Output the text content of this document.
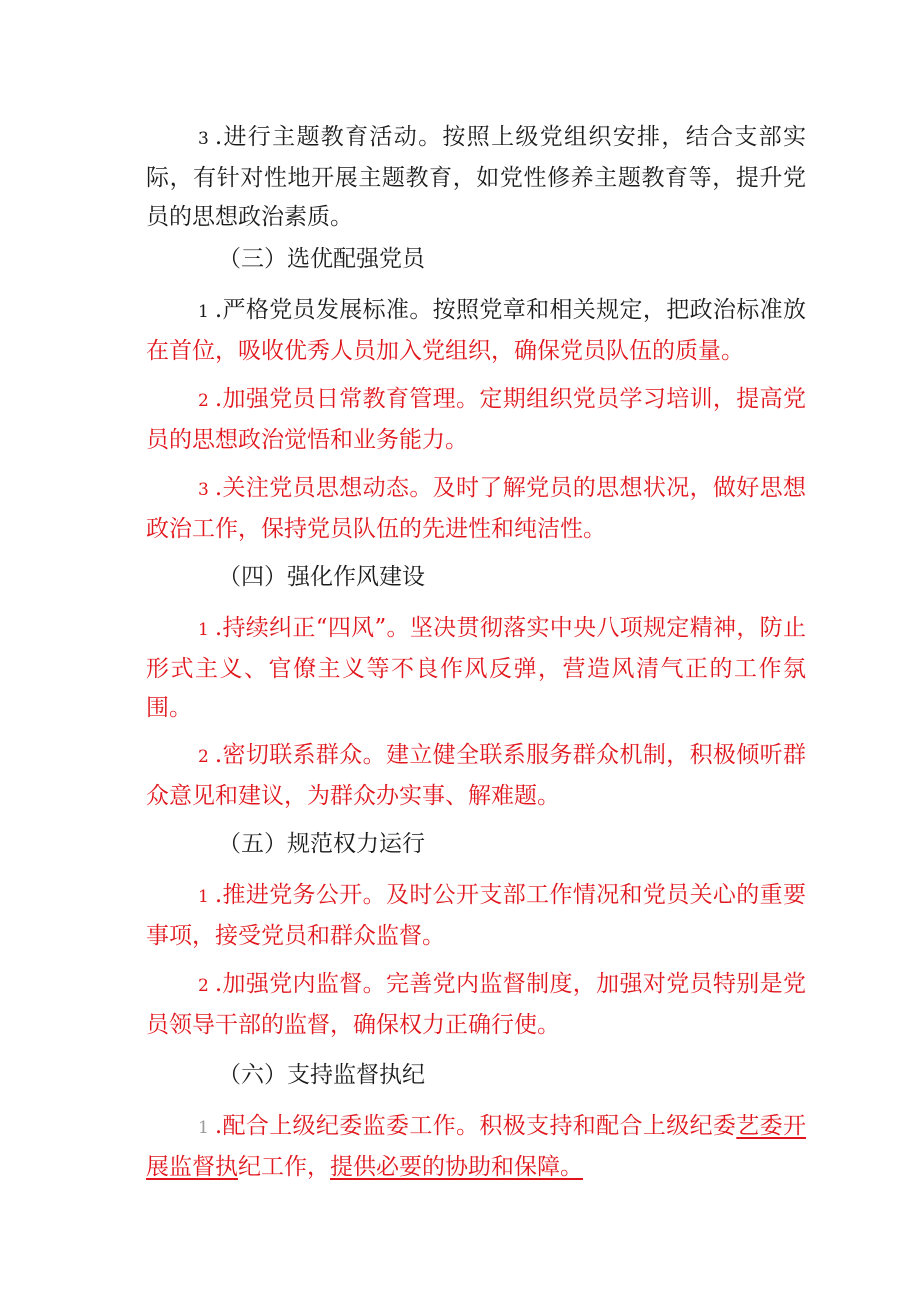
3.进行主题教育活动。按照上级党组织安排，结合支部实际，有针对性地开展主题教育，如党性修养主题教育等，提升党员的思想政治素质。

（三）选优配强党员

1.严格党员发展标准。按照党章和相关规定，把政治标准放在首位，吸收优秀人员加入党组织，确保党员队伍的质量。

2.加强党员日常教育管理。定期组织党员学习培训，提高党员的思想政治觉悟和业务能力。

3.关注党员思想动态。及时了解党员的思想状况，做好思想政治工作，保持党员队伍的先进性和纯洁性。

（四）强化作风建设

1.持续纠正“四风”。坚决贯彻落实中央八项规定精神，防止形式主义、官僚主义等不良作风反弹，营造风清气正的工作氛围。

2.密切联系群众。建立健全联系服务群众机制，积极倾听群众意见和建议，为群众办实事、解难题。

（五）规范权力运行

1.推进党务公开。及时公开支部工作情况和党员关心的重要事项，接受党员和群众监督。

2.加强党内监督。完善党内监督制度，加强对党员特别是党员领导干部的监督，确保权力正确行使。

（六）支持监督执纪

1.配合上级纪委监委工作。积极支持和配合上级纪委艺委开展监督执纪工作，提供必要的协助和保障。
